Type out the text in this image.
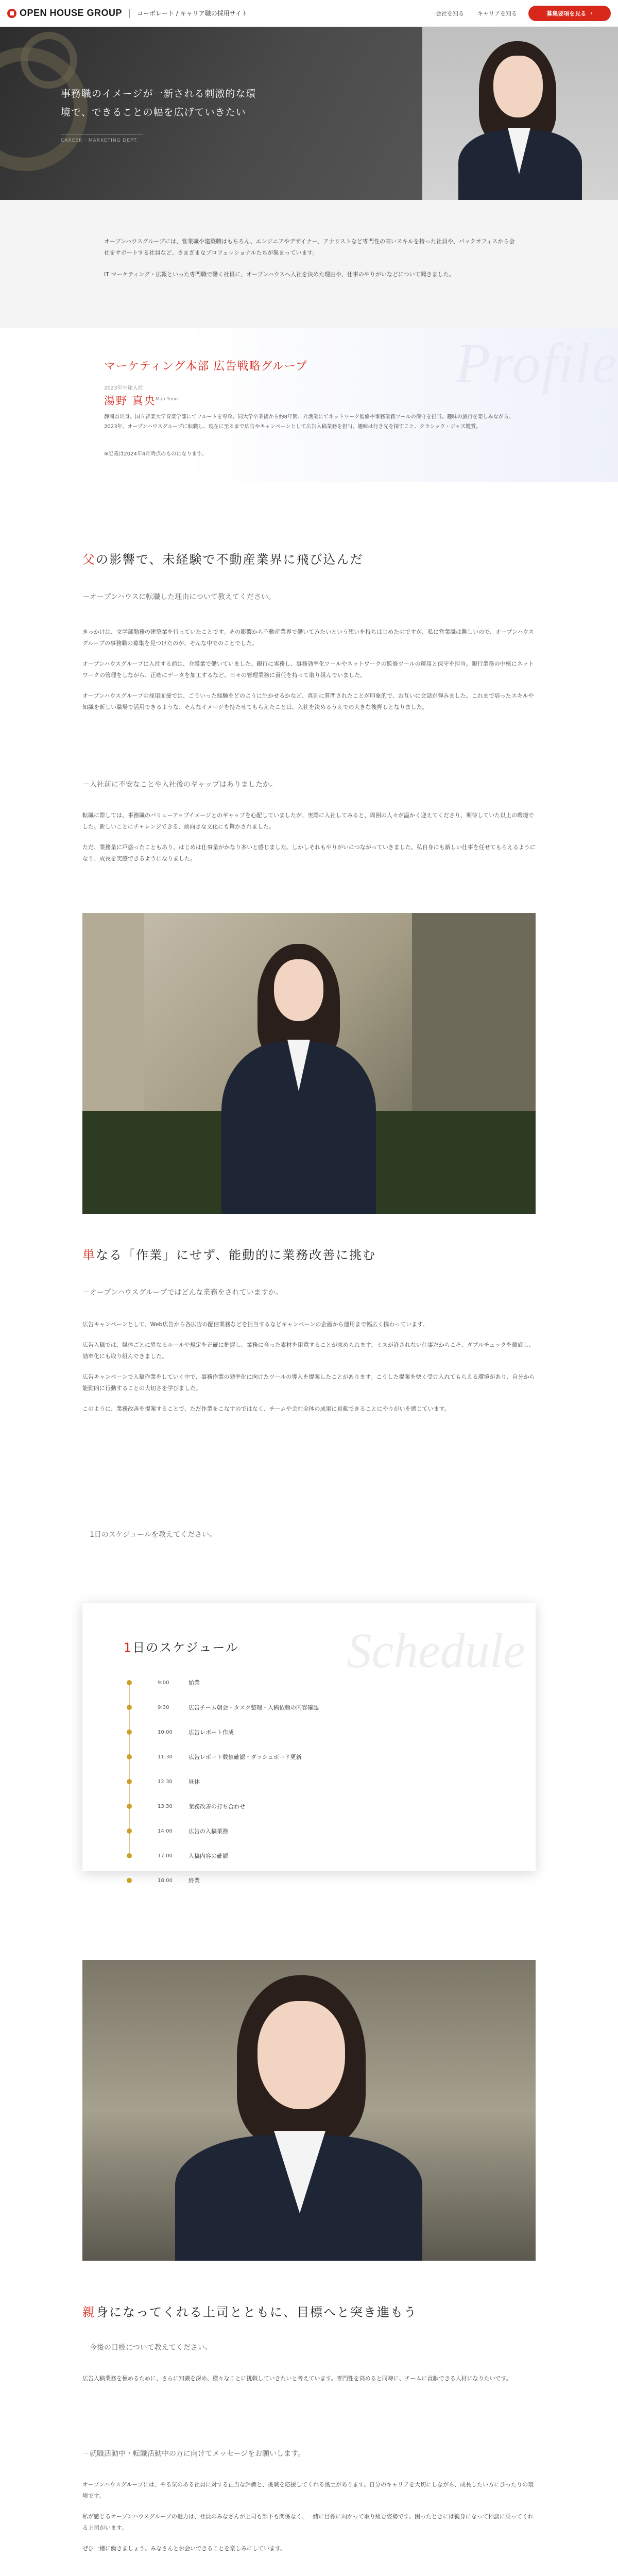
OPEN HOUSE GROUP コーポレート / キャリア職の採用サイト	会社を知る キャリアを知る	募集要項を見る ›
事務職のイメージが一新される刺激的な環
境で、できることの幅を広げていきたい
CAREER · MARKETING DEPT.

オープンハウスグループには、営業職や建築職はもちろん、エンジニアやデザイナー、アナリストなど専門性の高いスキルを持った社員や、バックオフィスから会社をサポートする社員など、さまざまなプロフェッショナルたちが集まっています。

IT マーケティング・広報といった専門職で働く社員に、オープンハウスへ入社を決めた理由や、仕事のやりがいなどについて聞きました。

Profile
マーケティング本部 広告戦略グループ
2023年中途入社
湯野 真央 Mao Yuno
静岡県出身。国立音楽大学音楽学部にてフルートを専攻。同大学卒業後から約8年間、介護業にてネットワーク監修や事務業務ツールの保守を担当。趣味の旅行を楽しみながら、2023年、オープンハウスグループに転職し、現在に至るまで広告やキャンペーンとして広告入稿業務を担当。趣味は行き先を探すこと、クラシック・ジャズ鑑賞。
※記載は2024年4月時点のものになります。
父の影響で、未経験で不動産業界に飛び込んだ
－オープンハウスに転職した理由について教えてください。

きっかけは、文学部勤務の建築業を行っていたことです。その影響から不動産業界で働いてみたいという想いを持ちはじめたのですが、私に営業職は難しいので、オープンハウスグループの事務職の募集を見つけたのが、そんな中でのことでした。

オープンハウスグループに入社する前は、介護業で働いていました。銀行に実務し、事務効率化ツールやネットワークの監修ツールの運用と保守を担当。銀行業務の中核にネットワークの管理をしながら、正確にデータを加工するなど、日々の管理業務に責任を持って取り組んでいました。

オープンハウスグループの採用面接では、ごういった経験をどのように生かせるかなど、真剣に質問されたことが印象的で、お互いに会話が弾みました。これまで培ったスキルや知識を新しい職場で活用できるような、そんなイメージを持たせてもらえたことは、入社を決めるうえでの大きな後押しとなりました。

－入社前に不安なことや入社後のギャップはありましたか。

転職に際しては、事務職のバリューアップイメージとのギャップを心配していましたが、実際に入社してみると、周囲の人々が温かく迎えてくださり、期待していた以上の環境でした。新しいことにチャレンジできる、前向きな文化にも驚かされました。

ただ、業務量に戸惑ったこともあり、はじめは仕事量がかなり多いと感じました。しかしそれもやりがいにつながっていきました。私自身にも新しい仕事を任せてもらえるようになり、成長を実感できるようになりました。

単なる「作業」にせず、能動的に業務改善に挑む
－オープンハウスグループではどんな業務をされていますか。

広告キャンペーンとして、Web広告から各広告の配信業務などを担当するなどキャンペーンの企画から運用まで幅広く携わっています。

広告入稿では、媒体ごとに異なるルールや規定を正確に把握し、業務に合った素材を用意することが求められます。ミスが許されない仕事だからこそ、ダブルチェックを徹底し、効率化にも取り組んできました。

広告キャンペーンで入稿作業をしていく中で、事務作業の効率化に向けたツールの導入を提案したことがあります。こうした提案を快く受け入れてもらえる環境があり、自分から能動的に行動することの大切さを学びました。

このように、業務改善を提案することで、ただ作業をこなすのではなく、チームや会社全体の成果に貢献できることにやりがいを感じています。

－1日のスケジュールを教えてください。
Schedule
1日のスケジュール
9:00	始業
9:30	広告チーム朝会・タスク整理・入稿依頼の内容確認
10:00	広告レポート作成
11:30	広告レポート数値確認・ダッシュボード更新
12:30	昼休
13:30	業務改善の打ち合わせ
14:00	広告の入稿業務
17:00	入稿内容の確認
18:00	終業
親身になってくれる上司とともに、目標へと突き進もう
－今後の目標について教えてください。

広告入稿業務を極めるために、さらに知識を深め、様々なことに挑戦していきたいと考えています。専門性を高めると同時に、チームに貢献できる人材になりたいです。

－就職活動中・転職活動中の方に向けてメッセージをお願いします。

オープンハウスグループには、やる気のある社員に対する正当な評価と、挑戦を応援してくれる風土があります。自分のキャリアを大切にしながら、成長したい方にぴったりの環境です。

私が感じるオープンハウスグループの魅力は、社員のみなさんが上司も部下も関係なく、一緒に目標に向かって取り組む姿勢です。困ったときには親身になって相談に乗ってくれる上司がいます。

ぜひ一緒に働きましょう。みなさんとお会いできることを楽しみにしています。
